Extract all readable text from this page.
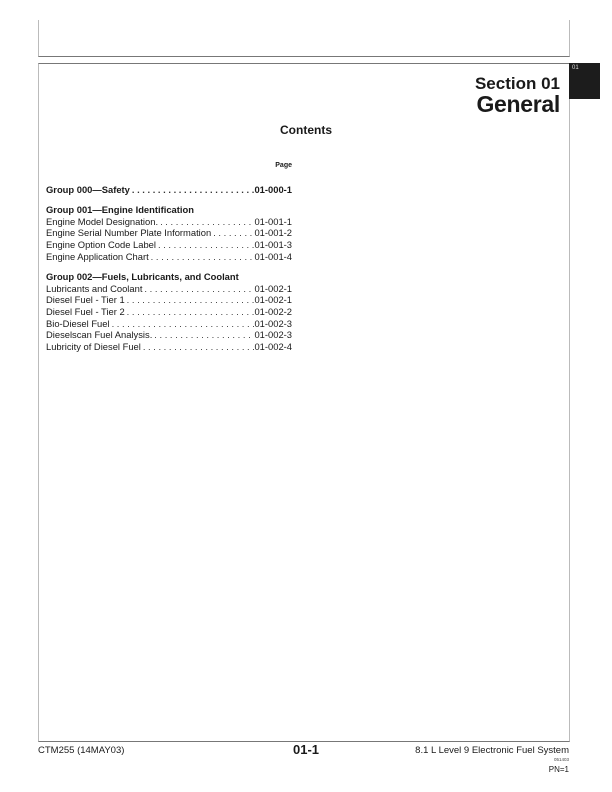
01
Section 01
General
Contents
Page
Group 000—Safety . . .	01-000-1
Group 001—Engine Identification
Engine Model Designation. . . .	01-001-1
Engine Serial Number Plate Information . . .	01-001-2
Engine Option Code Label . . .	01-001-3
Engine Application Chart . . .	01-001-4
Group 002—Fuels, Lubricants, and Coolant
Lubricants and Coolant . . .	01-002-1
Diesel Fuel - Tier 1 . . .	01-002-1
Diesel Fuel - Tier 2 . . .	01-002-2
Bio-Diesel Fuel . . .	01-002-3
Dieselscan Fuel Analysis. . . .	01-002-3
Lubricity of Diesel Fuel . . .	01-002-4
CTM255 (14MAY03)	01-1	8.1 L Level 9 Electronic Fuel System
051403
PN=1
